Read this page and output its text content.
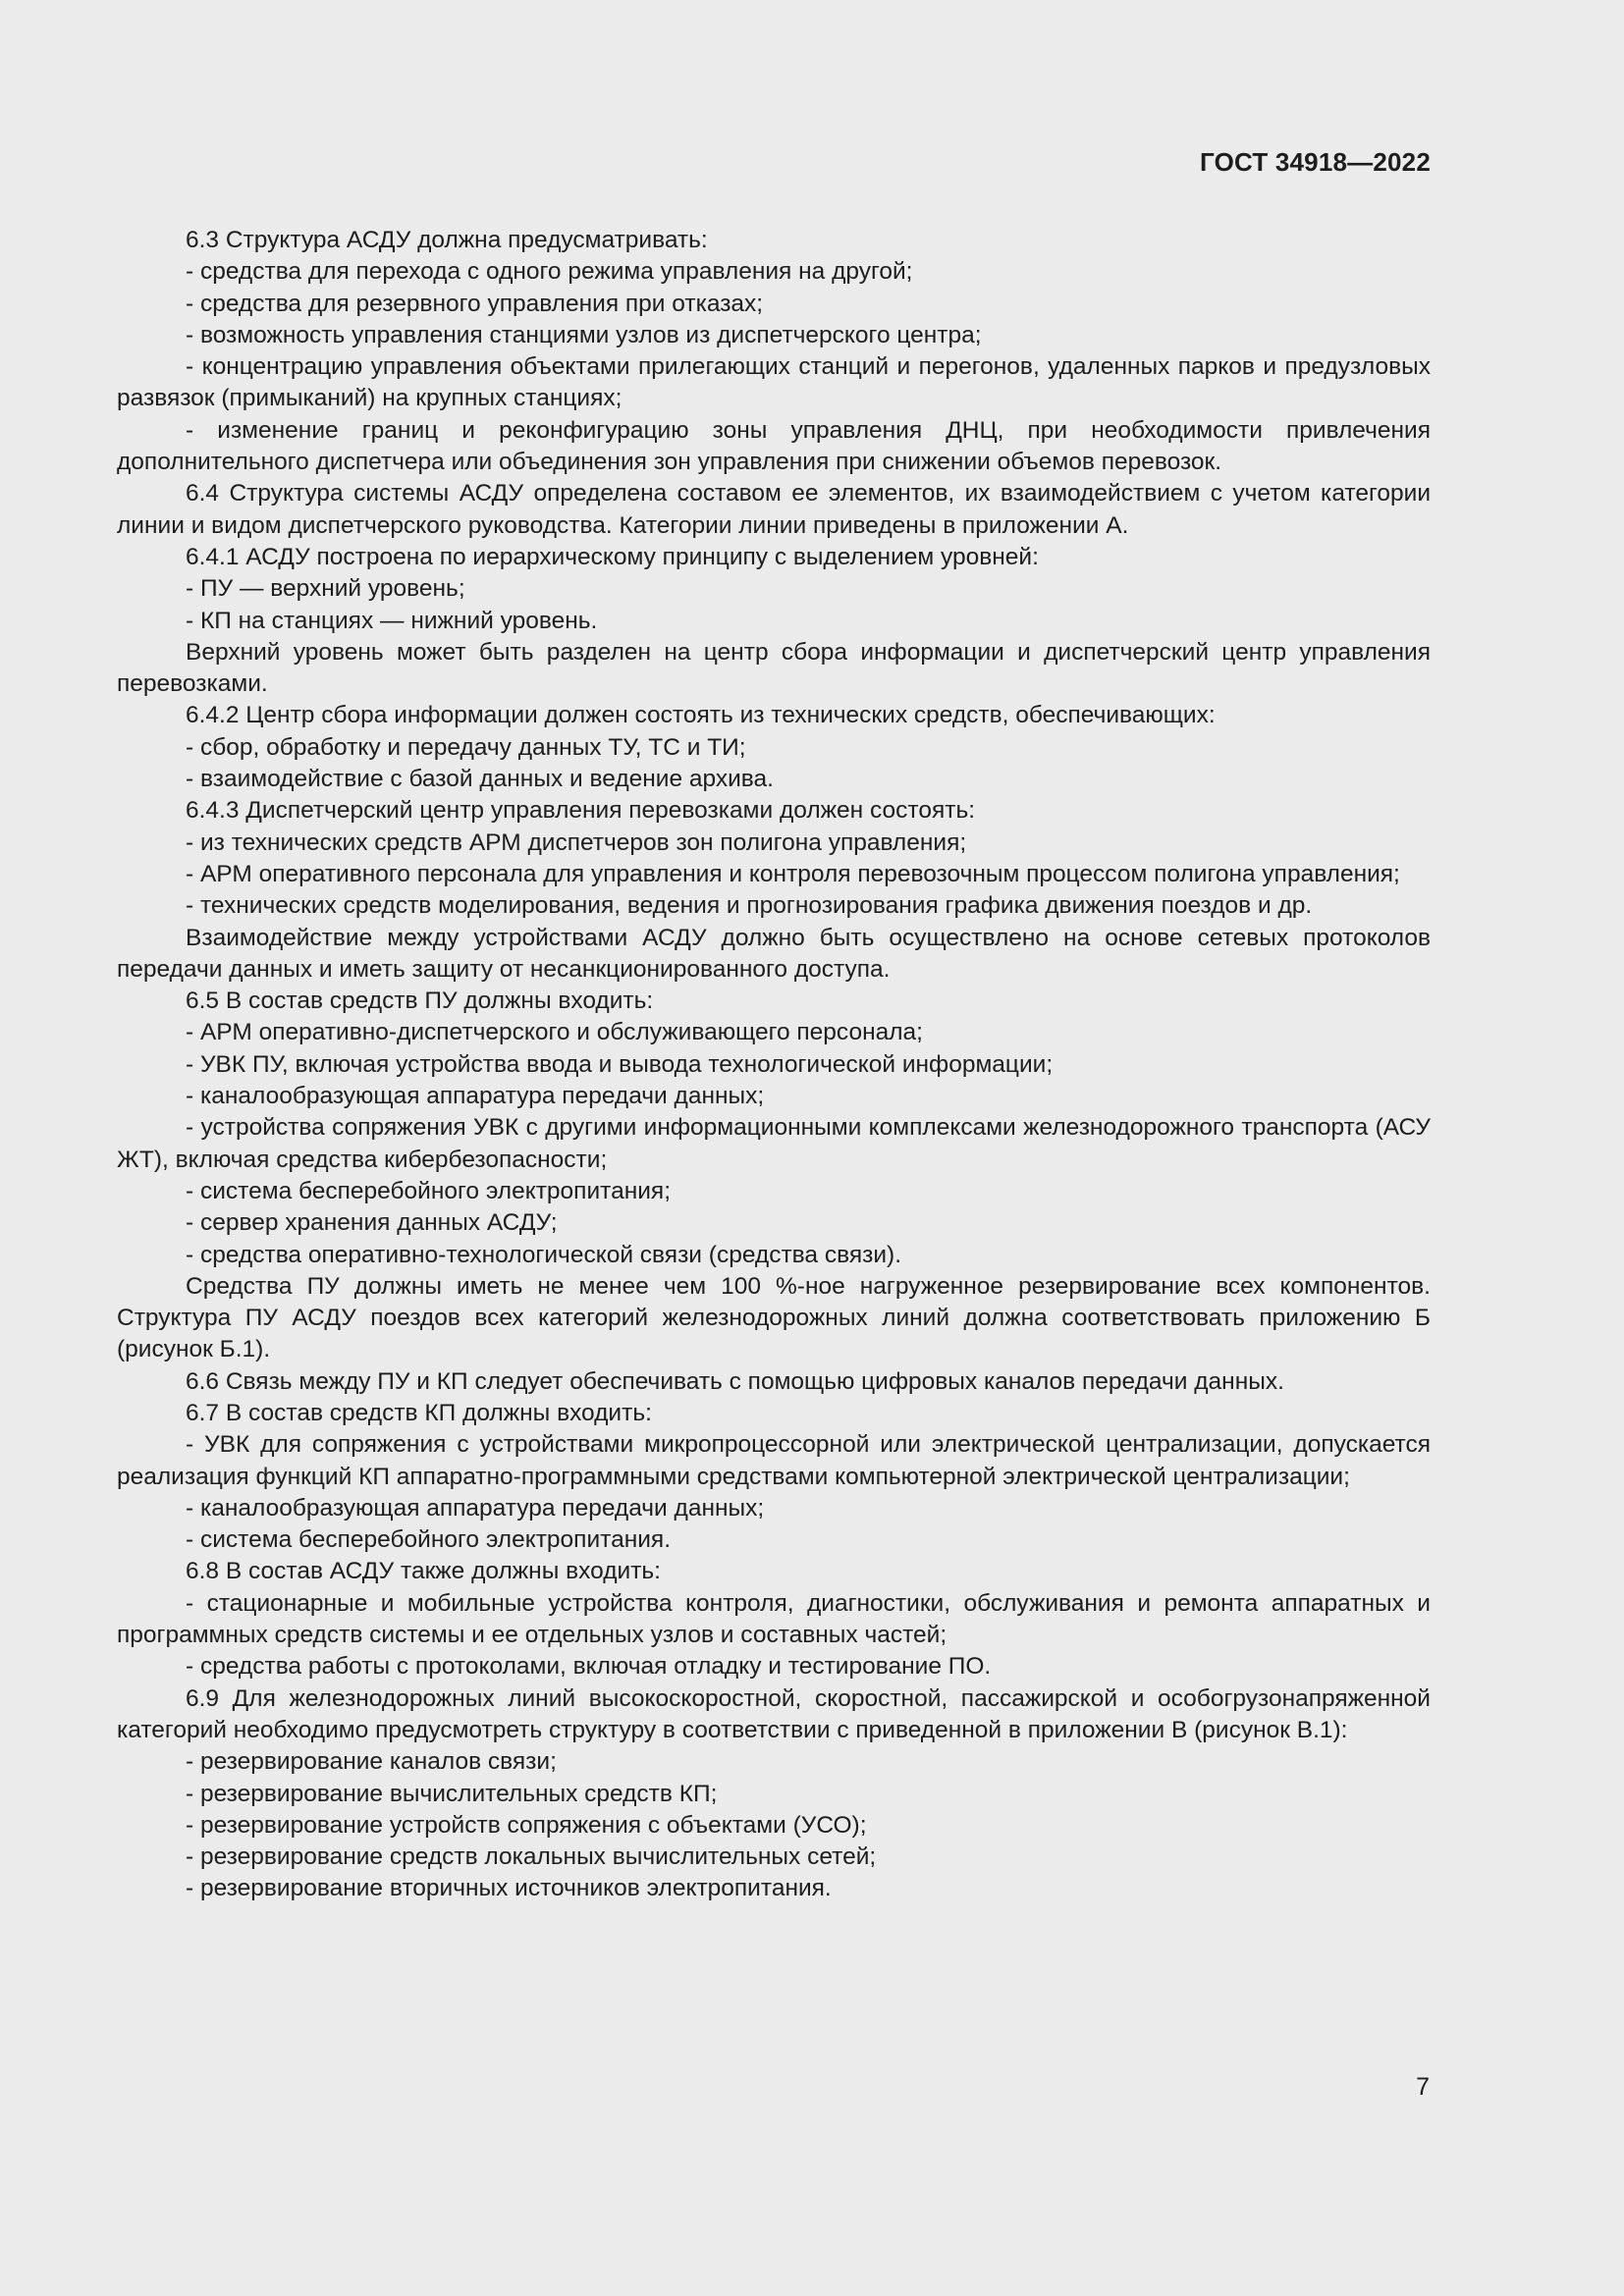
ГОСТ 34918—2022

6.3 Структура АСДУ должна предусматривать:

- средства для перехода с одного режима управления на другой;

- средства для резервного управления при отказах;

- возможность управления станциями узлов из диспетчерского центра;

- концентрацию управления объектами прилегающих станций и перегонов, удаленных парков и предузловых развязок (примыканий) на крупных станциях;

- изменение границ и реконфигурацию зоны управления ДНЦ, при необходимости привлечения дополнительного диспетчера или объединения зон управления при снижении объемов перевозок.

6.4 Структура системы АСДУ определена составом ее элементов, их взаимодействием с учетом категории линии и видом диспетчерского руководства. Категории линии приведены в приложении А.

6.4.1 АСДУ построена по иерархическому принципу с выделением уровней:

- ПУ — верхний уровень;

- КП на станциях — нижний уровень.

Верхний уровень может быть разделен на центр сбора информации и диспетчерский центр управления перевозками.

6.4.2 Центр сбора информации должен состоять из технических средств, обеспечивающих:

- сбор, обработку и передачу данных ТУ, ТС и ТИ;

- взаимодействие с базой данных и ведение архива.

6.4.3 Диспетчерский центр управления перевозками должен состоять:

- из технических средств АРМ диспетчеров зон полигона управления;

- АРМ оперативного персонала для управления и контроля перевозочным процессом полигона управления;

- технических средств моделирования, ведения и прогнозирования графика движения поездов и др.

Взаимодействие между устройствами АСДУ должно быть осуществлено на основе сетевых протоколов передачи данных и иметь защиту от несанкционированного доступа.

6.5 В состав средств ПУ должны входить:

- АРМ оперативно-диспетчерского и обслуживающего персонала;

- УВК ПУ, включая устройства ввода и вывода технологической информации;

- каналообразующая аппаратура передачи данных;

- устройства сопряжения УВК с другими информационными комплексами железнодорожного транспорта (АСУ ЖТ), включая средства кибербезопасности;

- система бесперебойного электропитания;

- сервер хранения данных АСДУ;

- средства оперативно-технологической связи (средства связи).

Средства ПУ должны иметь не менее чем 100 %-ное нагруженное резервирование всех компонентов. Структура ПУ АСДУ поездов всех категорий железнодорожных линий должна соответствовать приложению Б (рисунок Б.1).

6.6 Связь между ПУ и КП следует обеспечивать с помощью цифровых каналов передачи данных.

6.7 В состав средств КП должны входить:

- УВК для сопряжения с устройствами микропроцессорной или электрической централизации, допускается реализация функций КП аппаратно-программными средствами компьютерной электрической централизации;

- каналообразующая аппаратура передачи данных;

- система бесперебойного электропитания.

6.8 В состав АСДУ также должны входить:

- стационарные и мобильные устройства контроля, диагностики, обслуживания и ремонта аппаратных и программных средств системы и ее отдельных узлов и составных частей;

- средства работы с протоколами, включая отладку и тестирование ПО.

6.9 Для железнодорожных линий высокоскоростной, скоростной, пассажирской и особогрузонапряженной категорий необходимо предусмотреть структуру в соответствии с приведенной в приложении В (рисунок В.1):

- резервирование каналов связи;

- резервирование вычислительных средств КП;

- резервирование устройств сопряжения с объектами (УСО);

- резервирование средств локальных вычислительных сетей;

- резервирование вторичных источников электропитания.

7
